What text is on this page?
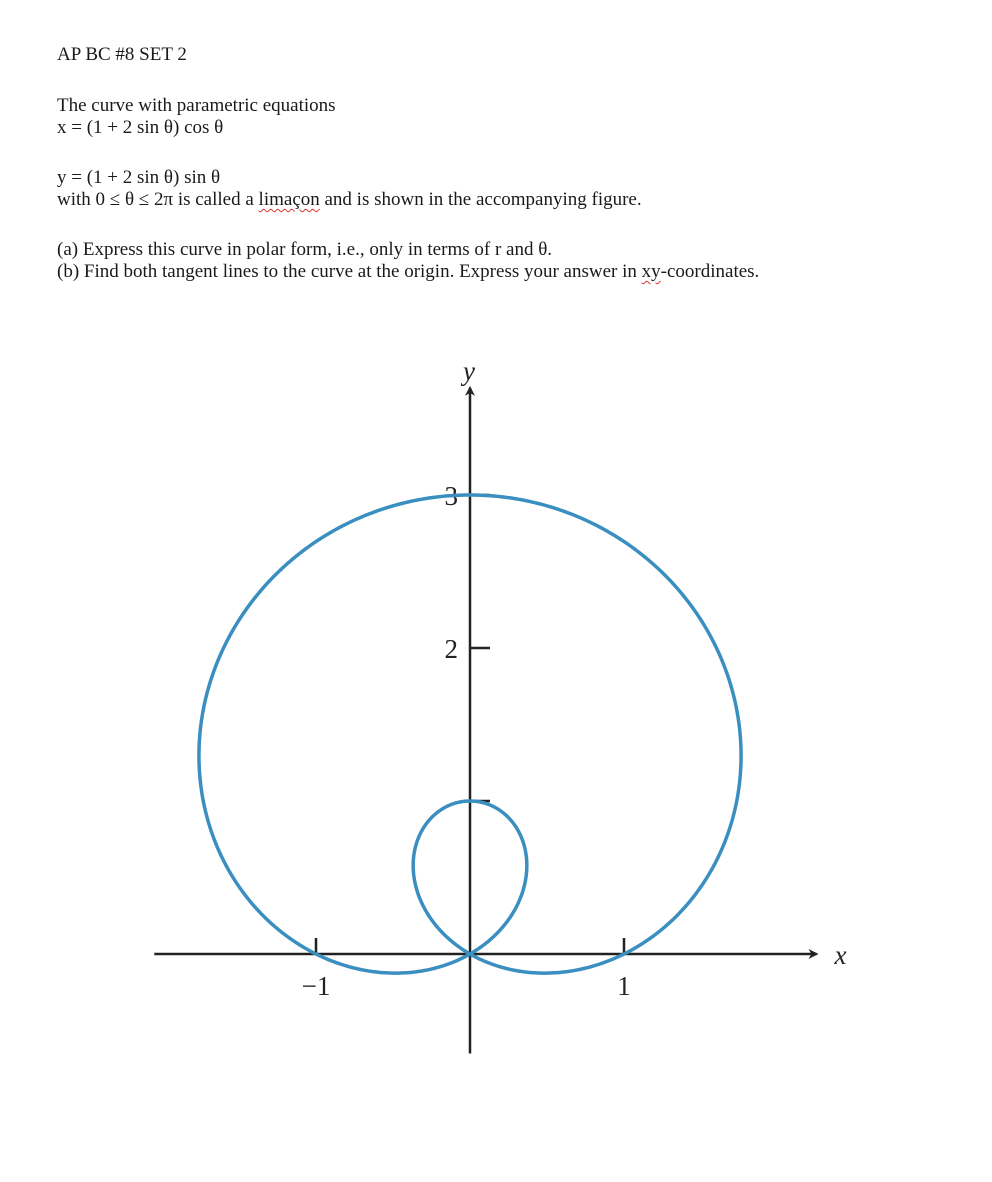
AP BC #8 SET 2
The curve with parametric equations
x = (1 + 2 sin θ) cos θ
y = (1 + 2 sin θ) sin θ
with 0 ≤ θ ≤ 2π is called a limaçon and is shown in the accompanying figure.
(a) Express this curve in polar form, i.e., only in terms of r and θ.
(b) Find both tangent lines to the curve at the origin. Express your answer in xy-coordinates.
x
y
−1	1
2
3
